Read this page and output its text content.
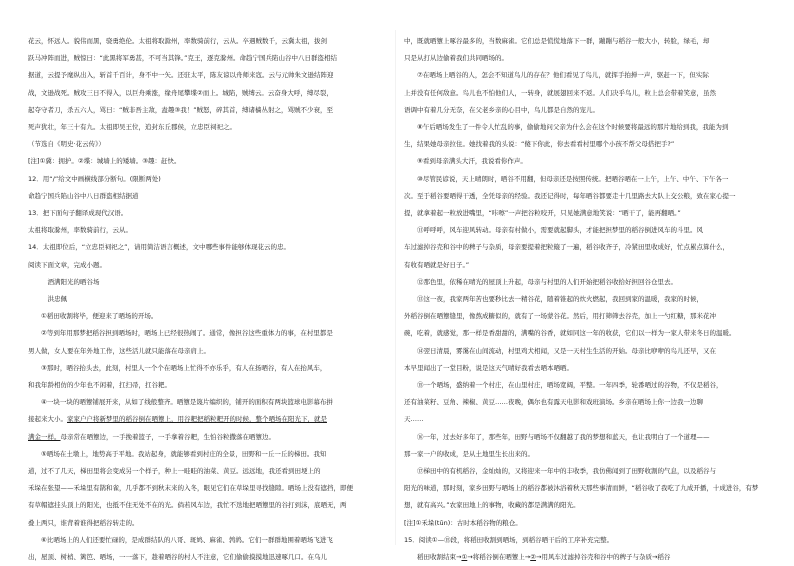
花云，怀远人。貌伟而黑，骁勇绝伦。太祖将取滁州，率数骑前行，云从。卒遇贼数千，云冀太祖，拔剑

跃马冲阵而进，贼惊曰：“此黑将军勇甚，不可当其锋。”克王，逐克滁州。命趋宁国兵陷山谷中八日群盗相结

据道，云提予麾纵出入，斩首千百计，身不中一矢。还驻太平，陈友谅以舟师来寇。云与元帅朱文逊结阵迎

战，文逊战死。贼攻三日不得入，以巨舟乘涨，缘舟尾攀堞②而上。城陷，贼缚云。云奋身大呼，缚尽裂，

起夺守者刀，杀五六人，骂曰：“贼非吾主敌，盍趣③我！”贼怒，碎其首，缚诸樯丛射之，骂贼不少衰，至

死声犹壮，年三十有九。太祖即吴王位，追封东丘郡侯，立忠臣祠祀之。

（节选自《明史·花云传》）

[注]①冀：拥护。②堞：城墙上的矮墙。③趣：赶快。

12．用“/”给文中画横线部分断句。(限断两处)

命趋宁国兵陷山谷中八日群盗相结据道

13．把下面句子翻译成现代汉语。

太祖将取滁州，率数骑前行，云从。

14．太祖即位后，“立忠臣祠祀之”，请用简洁语言概述，文中哪些事件能够体现花云的忠。

阅读下面文章，完成小题。

　　　酒满阳光的晒谷场

　　　洪忠佩

　　①稻田收割将毕，便迎来了晒场的开场。

　　②等到年用那梦把稻谷担到晒场时，晒场上已经很热闹了。通常，像担谷这些重体力的事，在村里都是

男人做，女人要在年外地工作，这些活儿就只能落在母亲肩上。

　　③那时，晒谷抬头去，此刻，村里人一个个在晒场上忙得不亦乐乎，有人在扬晒谷，有人在抬风车，

和我年龄相仿的少年也不闲着，扛扫帚，扛谷耙。

　　④一块一块的晒簟铺展开来，从如了线般整齐。晒簟是篾片编织的，铺开的面积有两块篮球电影幕布拼

接起来大小。家家户户将新梦里的稻谷倒在晒簟上，用谷耙把稻粒耙开的时候，整个晒场在阳光下，就是

满金一样。母亲常在晒簟边，一手挽着篮子，一手拿着谷耙，生怕谷粒撒落在晒簟边。

　　⑤晒场在土墩上，地势高于平地。我站起身，就能够看到村庄的全景，田野和一丘一丘的梯田。我知

道，过不了几天，梯田里将会变成另一个样子，种上一畦畦的油菜、黄豆。远远地，我还看到田埂上的

禾垛在张望——禾垛里有鹊和雀，几乎都不到秋末来的入冬，眼见它们在草垛里寻找缝隙。晒场上没有遮挡，即便

有草帽遮挂头顶上的阳光，也抵不住无处不在的光。倘若风车边，我忙不迭地把晒簟里的谷打到沫，底晒无，两

叠上两只，谁背着谁得把稻谷转走的。

　　⑥比晒场上的人们还要忙碌的，是成群结队的八哥、斑鸠、麻雀、鹁鸪。它们一群群地围着晒场飞进飞

出，屋顶、树梢、篱笆、晒场，一一落下，趁着晒谷的村人不注意，它们偷偷摸摸地迅速啄几口。在乌儿

中，既就晒簟上啄谷最多的，当数麻雀。它们总是慌慌地落下一群，蹦蹦与稻谷一般大小，转脸，绿毛，却

只是从打从边偷着我们共同晒场的。

　　⑦在晒场上晒谷的人，怎会不知道鸟儿的存在？他们看见了鸟儿，就挥手拍掸一声，驱赶一下，但实际

上并没有任何敌意。鸟儿也不怕他们人，一转身，就展翅回来不返。人们决乎鸟儿，粒上总会带着笑意，虽然

语调中有着几分无奈，在父老乡亲的心目中，鸟儿都是自然的宠儿。

　　⑧午后晒场发生了一件令人忙乱的事，偷偷地问父亲为什么会在这个时候要将最远的那片地给到我，我能为到

生，结果她母亲拉住。她找着我的头说：“傻下你此，你去看看村里哪个小孩不帮父母搭把手?”

　　⑨看到母亲满头大汗，我说看你作声。

　　⑩尽管民谚说，天上晴朗时，晒谷不用翻，但母亲还是按照传统。把晒谷晒在一上午，上午、中午、下午各一

次。至于稻谷要晒得干透，全凭母亲的经验。我还记得时，每年晒谷都要走十几里路去大队上交公粮，致在家心提一

提，就拿着起一粒放进嘴里，“咔嚓”一声把谷粒咬开，只见她满意地笑说：“晒干了，能再翻晒。”

　　⑪呼呼呼，风车迎风转动。母亲有村做小，需要就起脚头，才能把担梦里的稻谷倒进风车的斗里。风

车过滤掉谷壳和谷中的稗子与杂质，母亲要提着把粒簸了一遍，稻谷收齐子，冷紧田里收成好，忙点累点算什么，

有收有晒就是好日子。”

　　⑫那色里，依稀在晴光的屋顶上升起，母亲与村里的人们开始把稻谷收拾好担回谷仓里去。

　　⑬这一夜，我家两年苦也要秒比去一精谷花，随着锥起的炊火燃起，我回到家的温暖，我家的时候，

外稻谷倒在晒簟缝里，像熬成糖似的，就有了一场蒙谷花。然后，用打筛筛去谷壳，加上一勺红糖，那米花冲

碗，吃着，就感觉，那一样是香甜甜的，满嘴的谷香，就如同这一年的收获，它们以一样为一家人带来冬日的温暖。

　　⑭翌日清晨，雾霭在山间流动，村里鸡犬相闻，又是一天村生生活的开始。母亲比咿咿的鸟儿还早，又在

本早里闻出了一堂目粉，说是这天气晴好我看去晒本晒晒。

　　⑮一个晒场，盛纳着一个村庄，在山里村庄，晒场宽阔，平整。一年四季，轮番晒过的谷物，不仅是稻谷，

还有油菜籽、豆角、辣椒、黄豆……夜晚，偶尔也有露天电影和戏班演场。乡亲在晒场上你一边我一边聊

天……

　　⑯一年，过去好多年了，那些年，田野与晒场不仅翻越了我的梦想和蓝天，也让我明白了一个道理——

那一家一户的收成，是从土地里生长出来的。

　　⑰梯田中的有机稻谷，金灿灿的，又将迎来一年中的丰收季，我仿佛闻到了田野收割的气息，以及稻谷与

阳光的味道，那时刻，家乡田野与晒场上的稻谷都被沐浴着秋天那些事清而鲜，“稻谷收了我吃了九成开播，十成进谷，有梦

想，就有高兴。”农家田地上的事物，收藏的都是满满的阳光。

[注]①禾垛(tūn)：古时本稻谷物的粮仓。

15．阅读①—⑮段，将稻田收割到晒场，到稻谷晒干后的工序补充完整。

　　稻田收割结束→①→将稻谷倒在晒簟上→②→用风车过滤掉谷壳和谷中的稗子与杂质→稻谷
